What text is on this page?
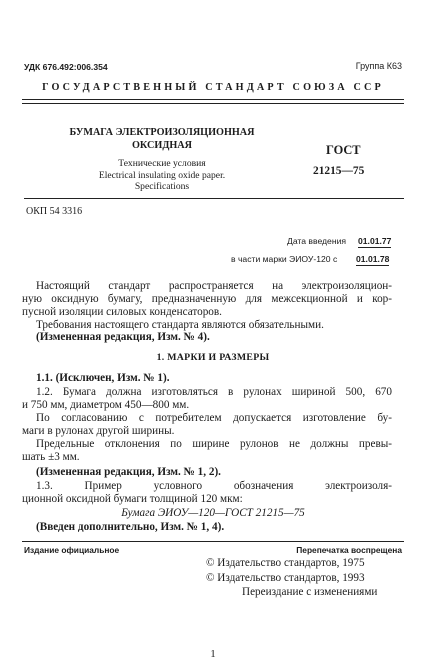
УДК 676.492:006.354	Группа К63
ГОСУДАРСТВЕННЫЙ СТАНДАРТ СОЮЗА ССР
БУМАГА ЭЛЕКТРОИЗОЛЯЦИОННАЯ
ОКСИДНАЯ
Технические условия
Electrical insulating oxide paper.
Specifications
ГОСТ
21215—75
ОКП 54 3316
Дата введения 01.01.77
в части марки ЭИОУ-120 с 01.01.78
Настоящий стандарт распространяется на электроизоляцион-
ную оксидную бумагу, предназначенную для межсекционной и кор-
пусной изоляции силовых конденсаторов.
Требования настоящего стандарта являются обязательными.
(Измененная редакция, Изм. № 4).
1. МАРКИ И РАЗМЕРЫ
1.1. (Исключен, Изм. № 1).
1.2. Бумага должна изготовляться в рулонах шириной 500, 670
и 750 мм, диаметром 450—800 мм.
По согласованию с потребителем допускается изготовление бу-
маги в рулонах другой ширины.
Предельные отклонения по ширине рулонов не должны превы-
шать ±3 мм.
(Измененная редакция, Изм. № 1, 2).
1.3. Пример условного обозначения электроизоля-
ционной оксидной бумаги толщиной 120 мкм:
Бумага ЭИОУ—120—ГОСТ 21215—75
(Введен дополнительно, Изм. № 1, 4).
Издание официальное	Перепечатка воспрещена
© Издательство стандартов, 1975
© Издательство стандартов, 1993
Переиздание с изменениями
1
